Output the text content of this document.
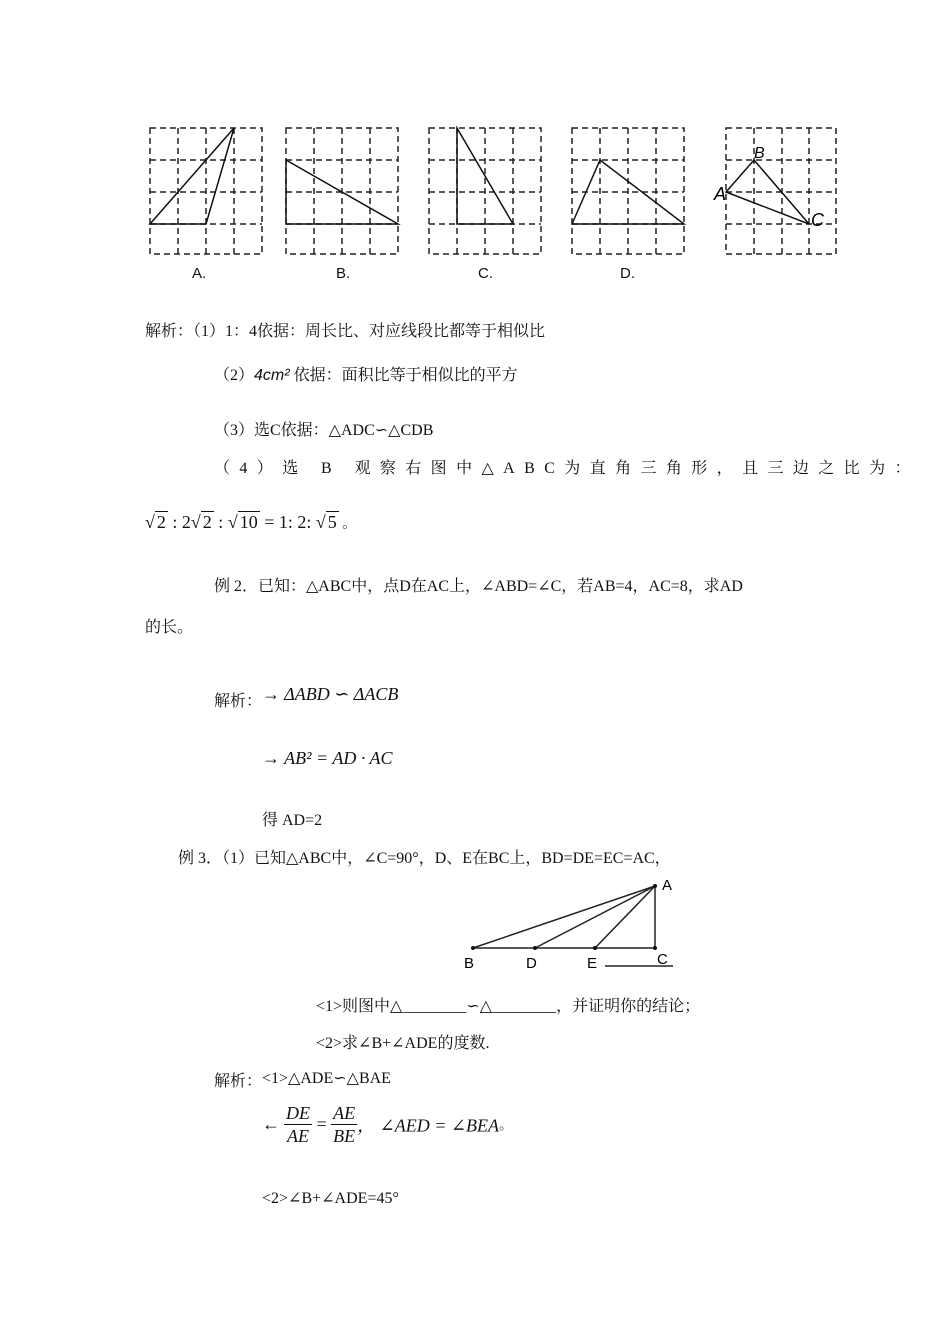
A.	B.	C.	D.
A
B
C
解析：（1）1：4依据：周长比、对应线段比都等于相似比
（2）4cm² 依据：面积比等于相似比的平方
（3）选C依据：△ADC∽△CDB
（4）选 B 观察右图中△ABC为直角三角形，且三边之比为：
√ 2 : 2√ 2 : √ 10 = 1: 2: √ 5 。
例 2．已知：△ABC中，点D在AC上，∠ABD=∠C，若AB=4，AC=8，求AD
的长。
解析： → ΔABD ∽ ΔACB
→ AB² = AD · AC
得 AD=2
例 3．（1）已知△ABC中，∠C=90°，D、E在BC上，BD=DE=EC=AC，
A
B	D	E	C
<1>则图中△________∽△________，并证明你的结论；
<2>求∠B+∠ADE的度数.
解析： <1>△ADE∽△BAE
← $\frac{DE}{AE} = \frac{AE}{BE}$ ， ∠AED = ∠BEA。
<2>∠B+∠ADE=45°
